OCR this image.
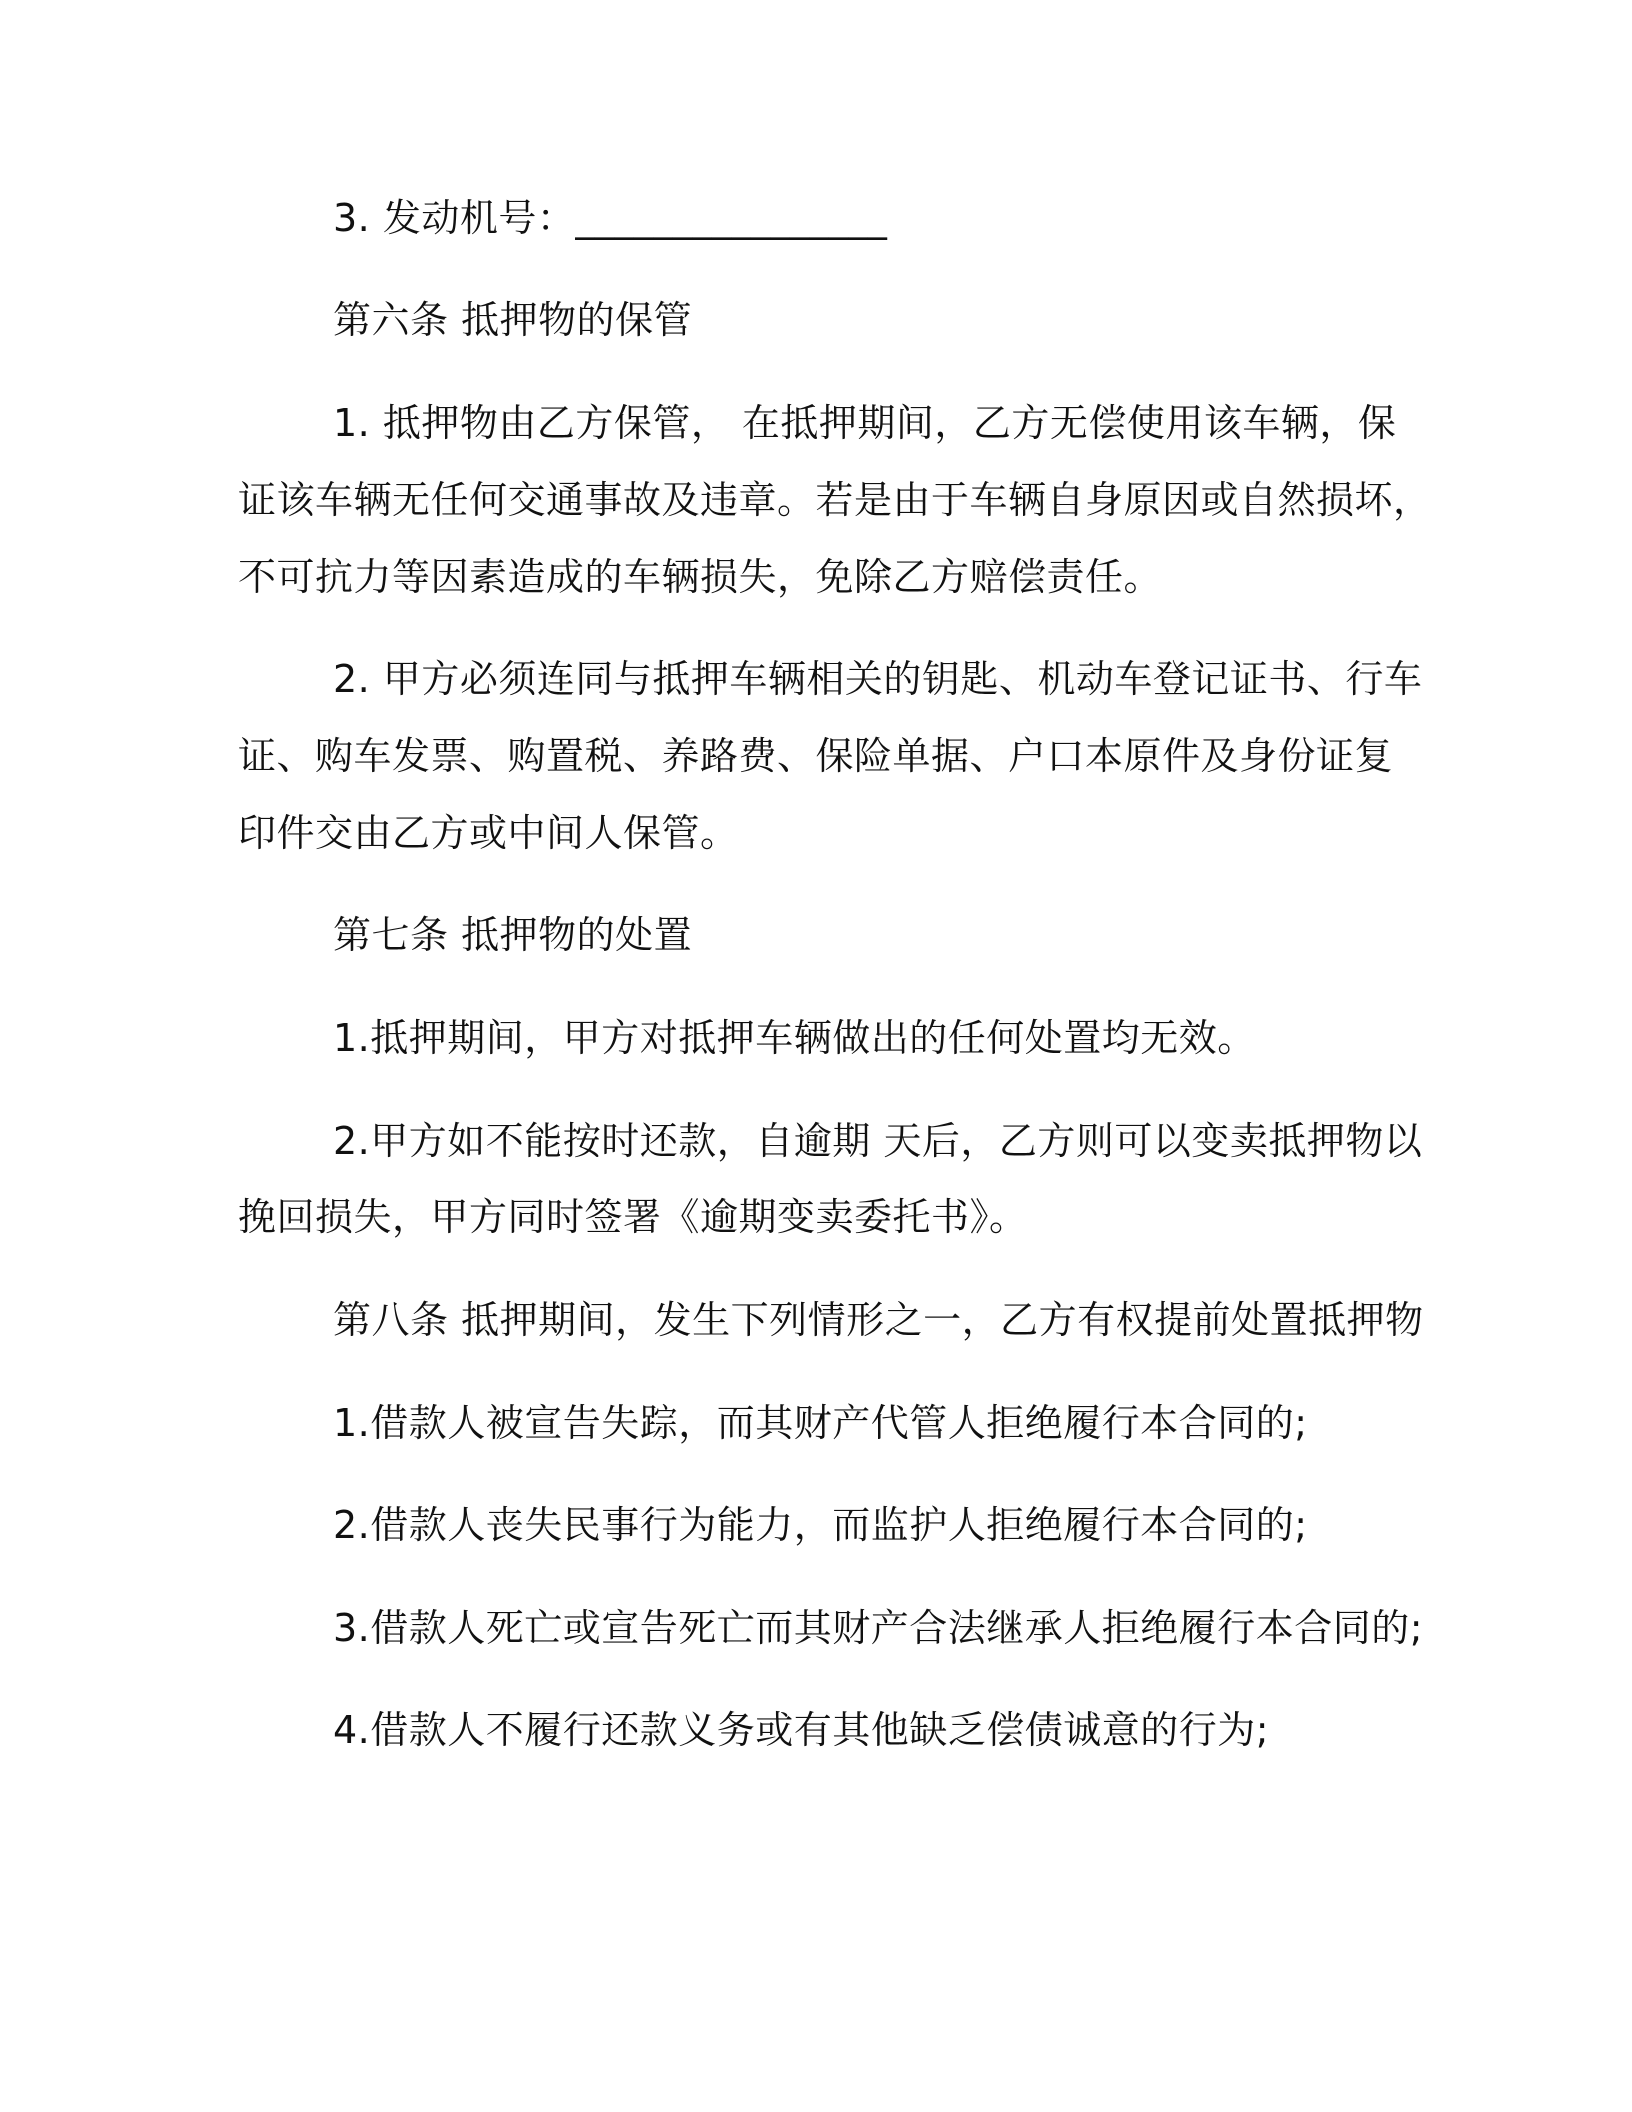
3. 发动机号：________________
第六条 抵押物的保管
1. 抵押物由乙方保管， 在抵押期间，乙方无偿使用该车辆，保
证该车辆无任何交通事故及违章。若是由于车辆自身原因或自然损坏，
不可抗力等因素造成的车辆损失，免除乙方赔偿责任。
2. 甲方必须连同与抵押车辆相关的钥匙、机动车登记证书、行车
证、购车发票、购置税、养路费、保险单据、户口本原件及身份证复
印件交由乙方或中间人保管。
第七条 抵押物的处置
1.抵押期间，甲方对抵押车辆做出的任何处置均无效。
2.甲方如不能按时还款，自逾期 天后，乙方则可以变卖抵押物以
挽回损失，甲方同时签署《逾期变卖委托书》。
第八条 抵押期间，发生下列情形之一，乙方有权提前处置抵押物
1.借款人被宣告失踪，而其财产代管人拒绝履行本合同的;
2.借款人丧失民事行为能力，而监护人拒绝履行本合同的;
3.借款人死亡或宣告死亡而其财产合法继承人拒绝履行本合同的;
4.借款人不履行还款义务或有其他缺乏偿债诚意的行为;
